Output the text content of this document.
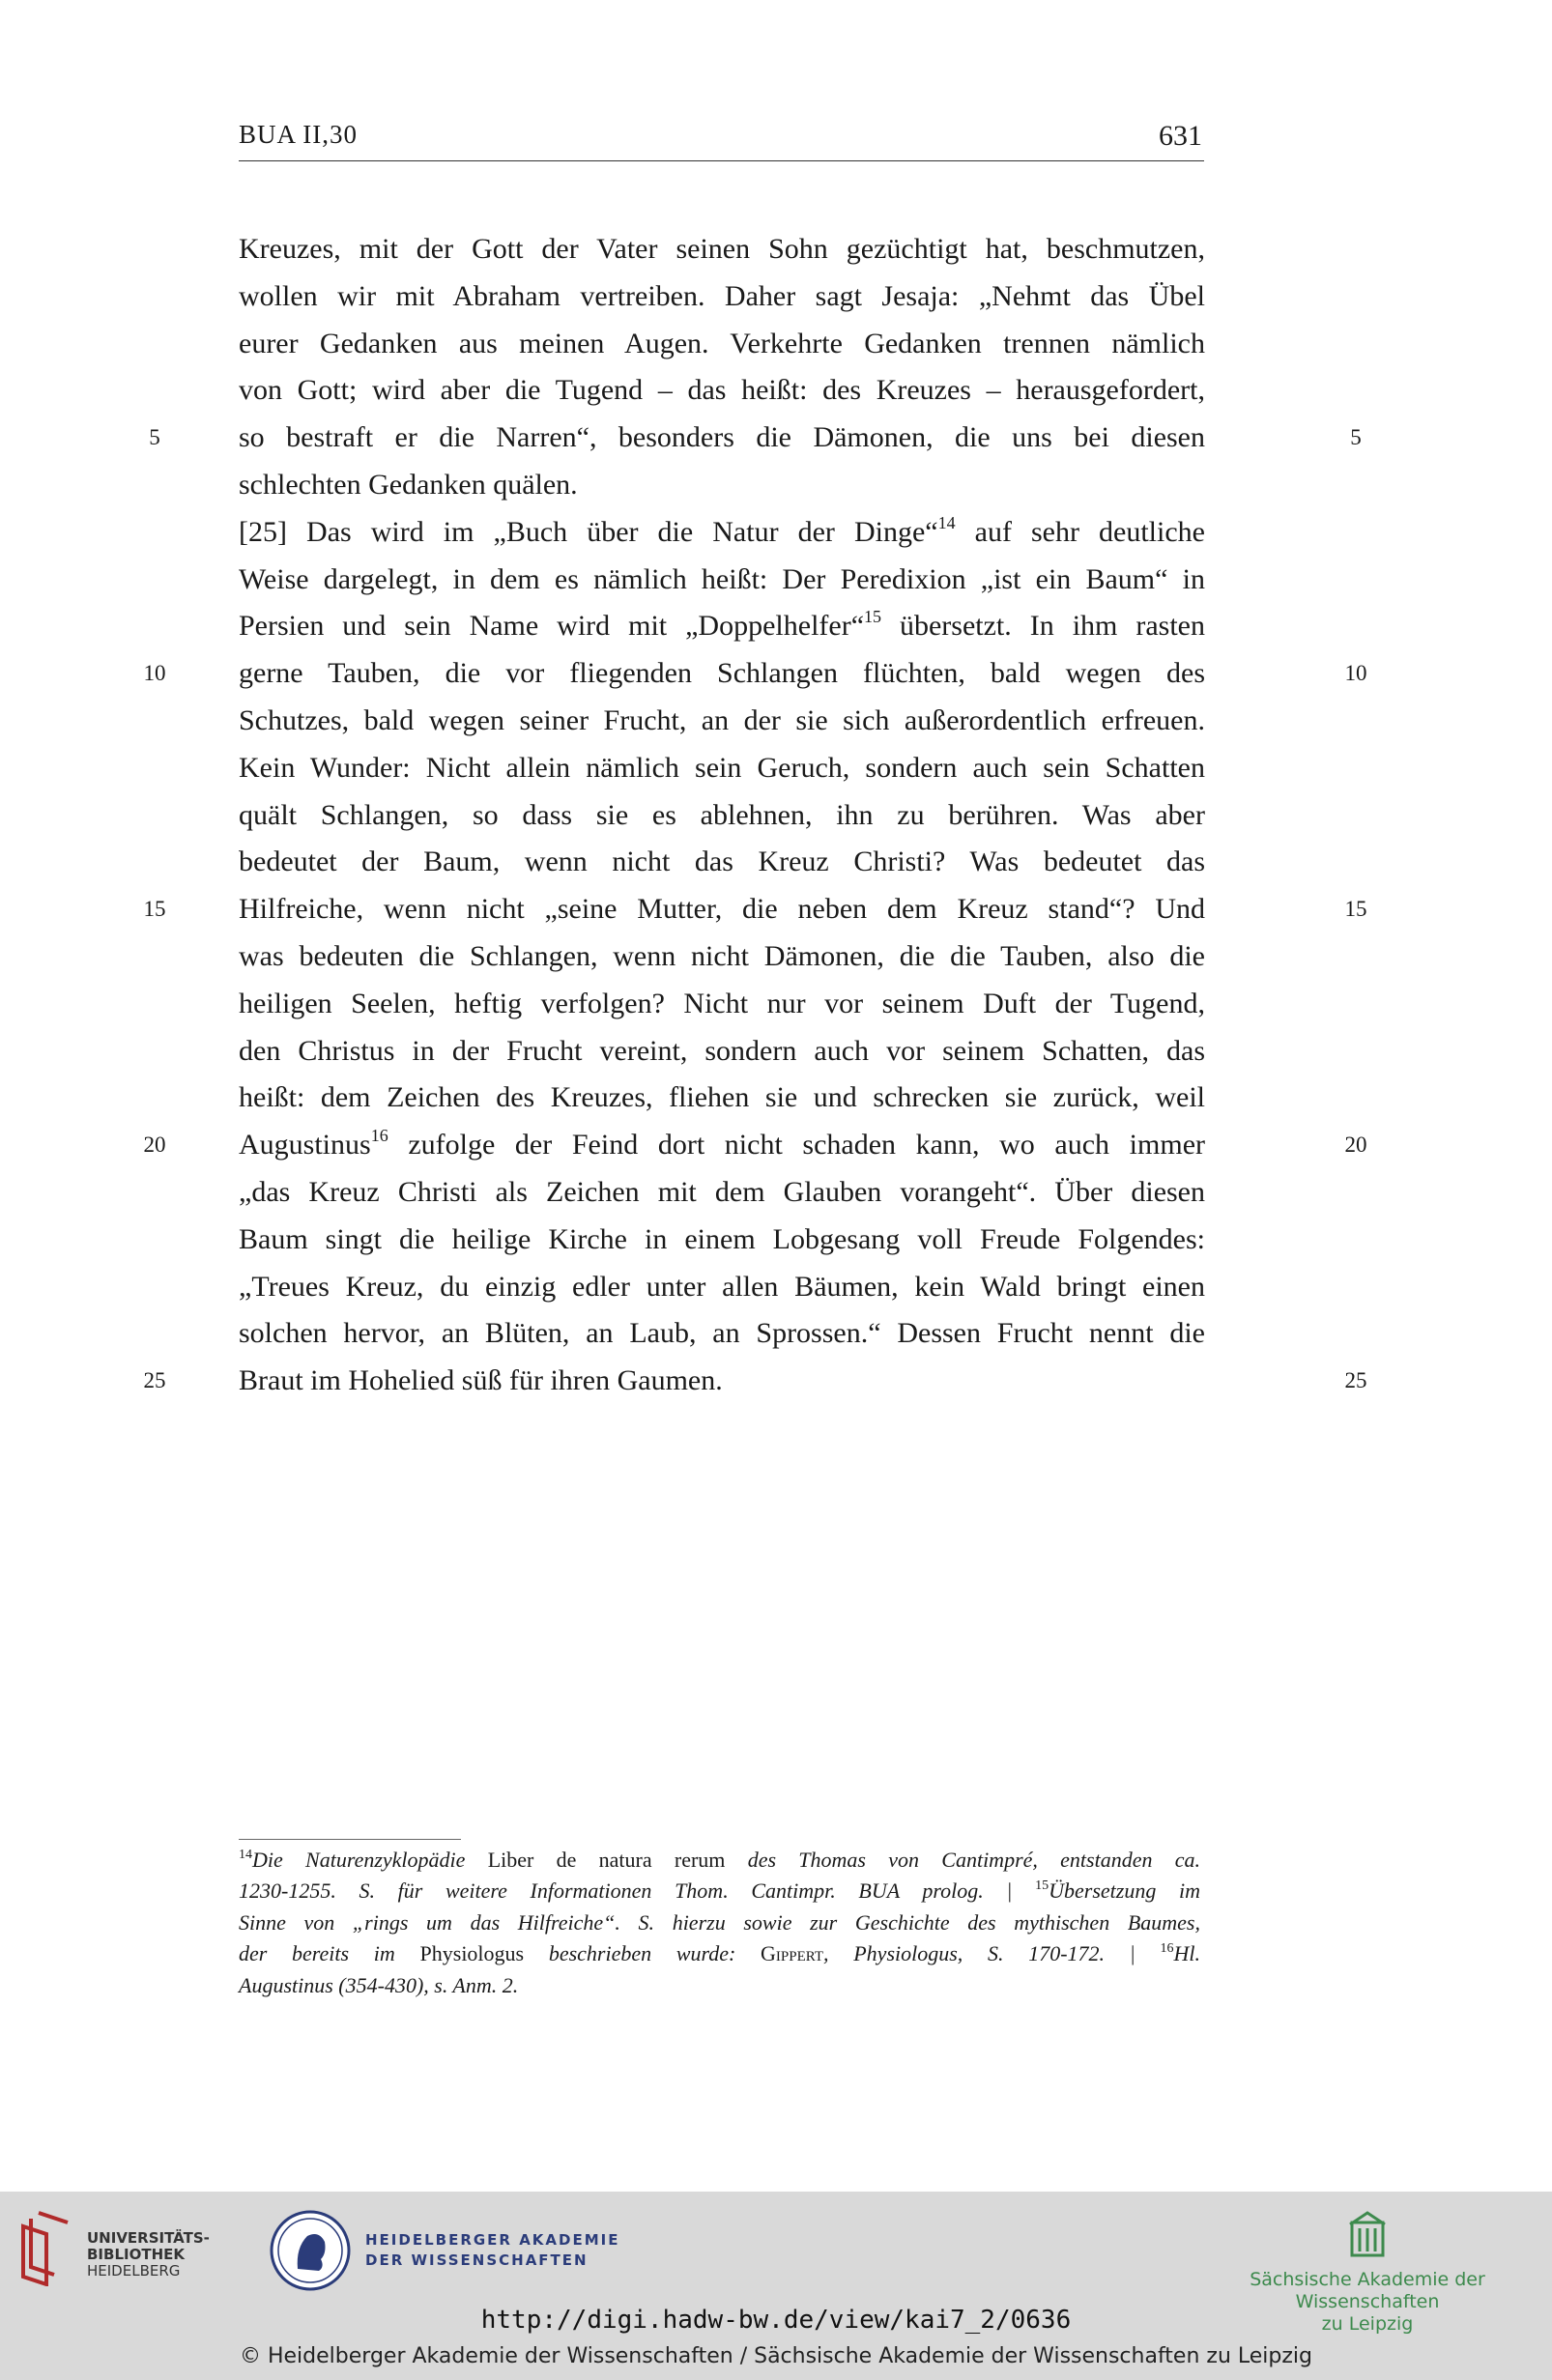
BUA II,30	631
5
10
15
20
25
5
10
15
20
25
Kreuzes, mit der Gott der Vater seinen Sohn gezüchtigt hat, beschmutzen,
wollen wir mit Abraham vertreiben. Daher sagt Jesaja: „Nehmt das Übel
eurer Gedanken aus meinen Augen. Verkehrte Gedanken trennen nämlich
von Gott; wird aber die Tugend – das heißt: des Kreuzes – herausgefordert,
so bestraft er die Narren“, besonders die Dämonen, die uns bei diesen
schlechten Gedanken quälen.
[25] Das wird im „Buch über die Natur der Dinge“$^{14}$ auf sehr deutliche
Weise dargelegt, in dem es nämlich heißt: Der Peredixion „ist ein Baum“ in
Persien und sein Name wird mit „Doppelhelfer“$^{15}$ übersetzt. In ihm rasten
gerne Tauben, die vor fliegenden Schlangen flüchten, bald wegen des
Schutzes, bald wegen seiner Frucht, an der sie sich außerordentlich erfreuen.
Kein Wunder: Nicht allein nämlich sein Geruch, sondern auch sein Schatten
quält Schlangen, so dass sie es ablehnen, ihn zu berühren. Was aber
bedeutet der Baum, wenn nicht das Kreuz Christi? Was bedeutet das
Hilfreiche, wenn nicht „seine Mutter, die neben dem Kreuz stand“? Und
was bedeuten die Schlangen, wenn nicht Dämonen, die die Tauben, also die
heiligen Seelen, heftig verfolgen? Nicht nur vor seinem Duft der Tugend,
den Christus in der Frucht vereint, sondern auch vor seinem Schatten, das
heißt: dem Zeichen des Kreuzes, fliehen sie und schrecken sie zurück, weil
Augustinus$^{16}$ zufolge der Feind dort nicht schaden kann, wo auch immer
„das Kreuz Christi als Zeichen mit dem Glauben vorangeht“. Über diesen
Baum singt die heilige Kirche in einem Lobgesang voll Freude Folgendes:
„Treues Kreuz, du einzig edler unter allen Bäumen, kein Wald bringt einen
solchen hervor, an Blüten, an Laub, an Sprossen.“ Dessen Frucht nennt die
Braut im Hohelied süß für ihren Gaumen.
$^{14}$Die Naturenzyklopädie Liber de natura rerum des Thomas von Cantimpré, entstanden ca.
1230-1255. S. für weitere Informationen Thom. Cantimpr. BUA prolog. | $^{15}$Übersetzung im
Sinne von „rings um das Hilfreiche“. S. hierzu sowie zur Geschichte des mythischen Baumes,
der bereits im Physiologus beschrieben wurde: Gippert, Physiologus, S. 170-172. | $^{16}$Hl.
Augustinus (354-430), s. Anm. 2.
UNIVERSITÄTS-
BIBLIOTHEK
HEIDELBERG
HEIDELBERGER AKADEMIE
DER WISSENSCHAFTEN
Sächsische Akademie der Wissenschaften
zu Leipzig
http://digi.hadw-bw.de/view/kai7_2/0636
© Heidelberger Akademie der Wissenschaften / Sächsische Akademie der Wissenschaften zu Leipzig
